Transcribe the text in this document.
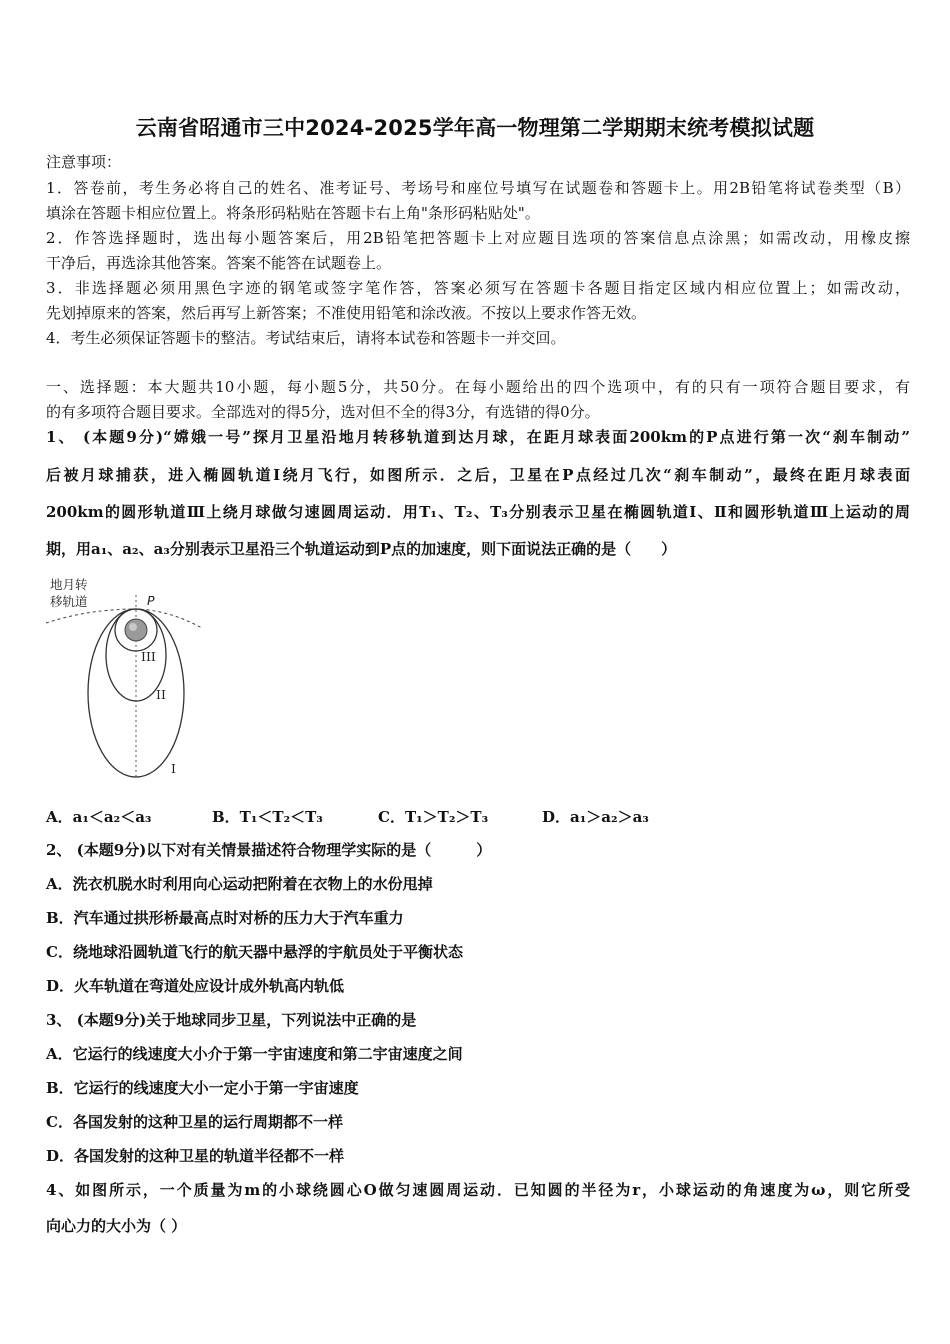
云南省昭通市三中2024-2025学年高一物理第二学期期末统考模拟试题
注意事项：
1．答卷前，考生务必将自己的姓名、准考证号、考场号和座位号填写在试题卷和答题卡上。用2B铅笔将试卷类型（B）
填涂在答题卡相应位置上。将条形码粘贴在答题卡右上角"条形码粘贴处"。
2．作答选择题时，选出每小题答案后，用2B铅笔把答题卡上对应题目选项的答案信息点涂黑；如需改动，用橡皮擦
干净后，再选涂其他答案。答案不能答在试题卷上。
3．非选择题必须用黑色字迹的钢笔或签字笔作答，答案必须写在答题卡各题目指定区域内相应位置上；如需改动，
先划掉原来的答案，然后再写上新答案；不准使用铅笔和涂改液。不按以上要求作答无效。
4．考生必须保证答题卡的整洁。考试结束后，请将本试卷和答题卡一并交回。
一、选择题：本大题共10小题，每小题5分，共50分。在每小题给出的四个选项中，有的只有一项符合题目要求，有
的有多项符合题目要求。全部选对的得5分，选对但不全的得3分，有选错的得0分。
1、 (本题9分)“嫦娥一号”探月卫星沿地月转移轨道到达月球，在距月球表面200km的P点进行第一次“刹车制动”
后被月球捕获，进入椭圆轨道Ⅰ绕月飞行，如图所示．之后，卫星在P点经过几次“刹车制动”，最终在距月球表面
200km的圆形轨道Ⅲ上绕月球做匀速圆周运动．用T₁、T₂、T₃分别表示卫星在椭圆轨道Ⅰ、Ⅱ和圆形轨道Ⅲ上运动的周
期，用a₁、a₂、a₃分别表示卫星沿三个轨道运动到P点的加速度，则下面说法正确的是（　　）
地月转
移轨道	P
III
II
I
A．a₁＜a₂＜a₃	B．T₁＜T₂＜T₃	C．T₁＞T₂＞T₃	D．a₁＞a₂＞a₃
2、 (本题9分)以下对有关情景描述符合物理学实际的是（　　　）
A．洗衣机脱水时利用向心运动把附着在衣物上的水份甩掉
B．汽车通过拱形桥最高点时对桥的压力大于汽车重力
C．绕地球沿圆轨道飞行的航天器中悬浮的宇航员处于平衡状态
D．火车轨道在弯道处应设计成外轨高内轨低
3、 (本题9分)关于地球同步卫星，下列说法中正确的是
A．它运行的线速度大小介于第一宇宙速度和第二宇宙速度之间
B．它运行的线速度大小一定小于第一宇宙速度
C．各国发射的这种卫星的运行周期都不一样
D．各国发射的这种卫星的轨道半径都不一样
4、如图所示，一个质量为m的小球绕圆心O做匀速圆周运动．已知圆的半径为r，小球运动的角速度为ω，则它所受
向心力的大小为（ ）
